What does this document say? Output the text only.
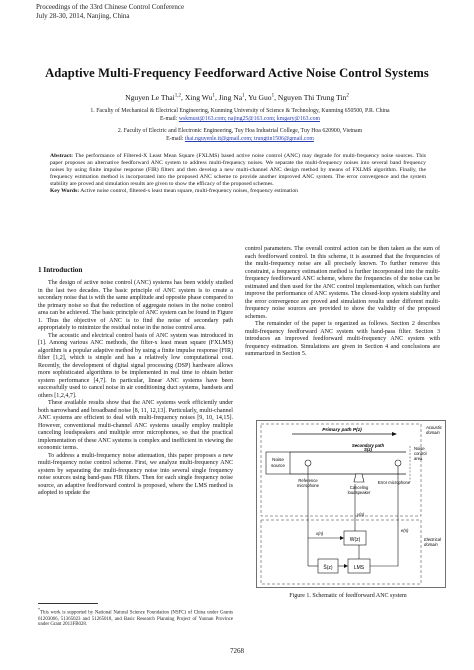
Proceedings of the 33rd Chinese Control Conference
July 28-30, 2014, Nanjing, China
Adaptive Multi-Frequency Feedforward Active Noise Control Systems
Nguyen Le Thai$^{1,2}$, Xing Wu$^1$, Jing Na$^1$, Yu Guo$^1$, Nguyen Thi Trung Tin$^2$
1. Faculty of Mechanical & Electrical Engineering, Kunming University of Science & Technology, Kunming 650500, P.R. China
E-mail: wskmust@163.com; najing25@163.com; kmgary@163.com
2. Faculty of Electric and Electronic Engineering, Tuy Hoa Industrial College, Tuy Hoa 620900, Vietnam
E-mail: thai.nguyenle.tt@gmail.com; trungtin1506@gmail.com
Abstract: The performance of Filtered-X Least Mean Square (FXLMS) based active noise control (ANC) may degrade for multi-frequency noise sources. This paper proposes an alternative feedforward ANC system to address multi-frequency noises. We separate the multi-frequency noises into several band frequency noises by using finite impulse response (FIR) filters and then develop a new multi-channel ANC design method by means of FXLMS algorithm. Finally, the frequency estimation method is incorporated into the proposed ANC scheme to provide another improved ANC system. The error convergence and the system stability are proved and simulation results are given to show the efficacy of the proposed schemes.
Key Words: Active noise control, filtered-x least mean square, multi-frequency noises, frequency estimation
1 Introduction

The design of active noise control (ANC) systems has been widely studied in the last two decades. The basic principle of ANC system is to create a secondary noise that is with the same amplitude and opposite phase compared to the primary noise so that the reduction of aggregate noises in the noise control area can be achieved. The basic principle of ANC system can be found in Figure 1. Thus the objective of ANC is to find the noise of secondary path appropriately to minimize the residual noise in the noise control area.

The acoustic and electrical control basis of ANC system was introduced in [1]. Among various ANC methods, the filter-x least mean square (FXLMS) algorithm is a popular adaptive method by using a finite impulse response (FIR) filter [1,2], which is simple and has a relatively low computational cost. Recently, the development of digital signal processing (DSP) hardware allows more sophisticated algorithms to be implemented in real time to obtain better system performance [4,7]. In particular, linear ANC systems have been successfully used to cancel noise in air conditioning duct systems, handsets and others [1,2,4,7].

These available results show that the ANC systems work efficiently under both narrowband and broadband noise [8, 11, 12,13]. Particularly, multi-channel ANC systems are efficient to deal with multi-frequency noises [9, 10, 14,15]. However, conventional multi-channel ANC systems usually employ multiple canceling loudspeakers and multiple error microphones, so that the practical implementation of these ANC systems is complex and inefficient in viewing the economic terms.

To address a multi-frequency noise attenuation, this paper proposes a new multi-frequency noise control scheme. First, we analyze multi-frequency ANC system by separating the multi-frequency noise into several single frequency noise sources using band-pass FIR filters. Then for each single frequency noise source, an adaptive feedforward control is proposed, where the LMS method is adopted to update the

control parameters. The overall control action can be then taken as the sum of each feedforward control. In this scheme, it is assumed that the frequencies of the multi-frequency noise are all precisely known. To further remove this constraint, a frequency estimation method is further incorporated into the multi-frequency feedforward ANC scheme, where the frequencies of the noise can be estimated and then used for the ANC control implementation, which can further improve the performance of ANC systems. The closed-loop system stability and the error convergence are proved and simulation results under different multi-frequency noise sources are provided to show the validity of the proposed schemes.

The remainder of the paper is organized as follows. Section 2 describes multi-frequency feedforward ANC system with band-pass filter. Section 3 introduces an improved feedforward multi-frequency ANC system with frequency estimation. Simulations are given in Section 4 and conclusions are summarized in Section 5.

Noise
source
Primary path P(z)
Secondary path
S(z)	Noise
control
area
Acoustic
domain
Electrical
domain
Reference
microphone	Canceling
loudspeaker
Error microphone
x(n)
W(z)
y(n)
Ŝ(z)	LMS
e(n)
Figure 1. Schematic of feedforward ANC system
*This work is supported by National Natural Science Foundation (NSFC) of China under Grants 61203066, 51365023 and 51265018, and Basic Research Planning Project of Yunnan Province under Grant 2013FB028.
7268
